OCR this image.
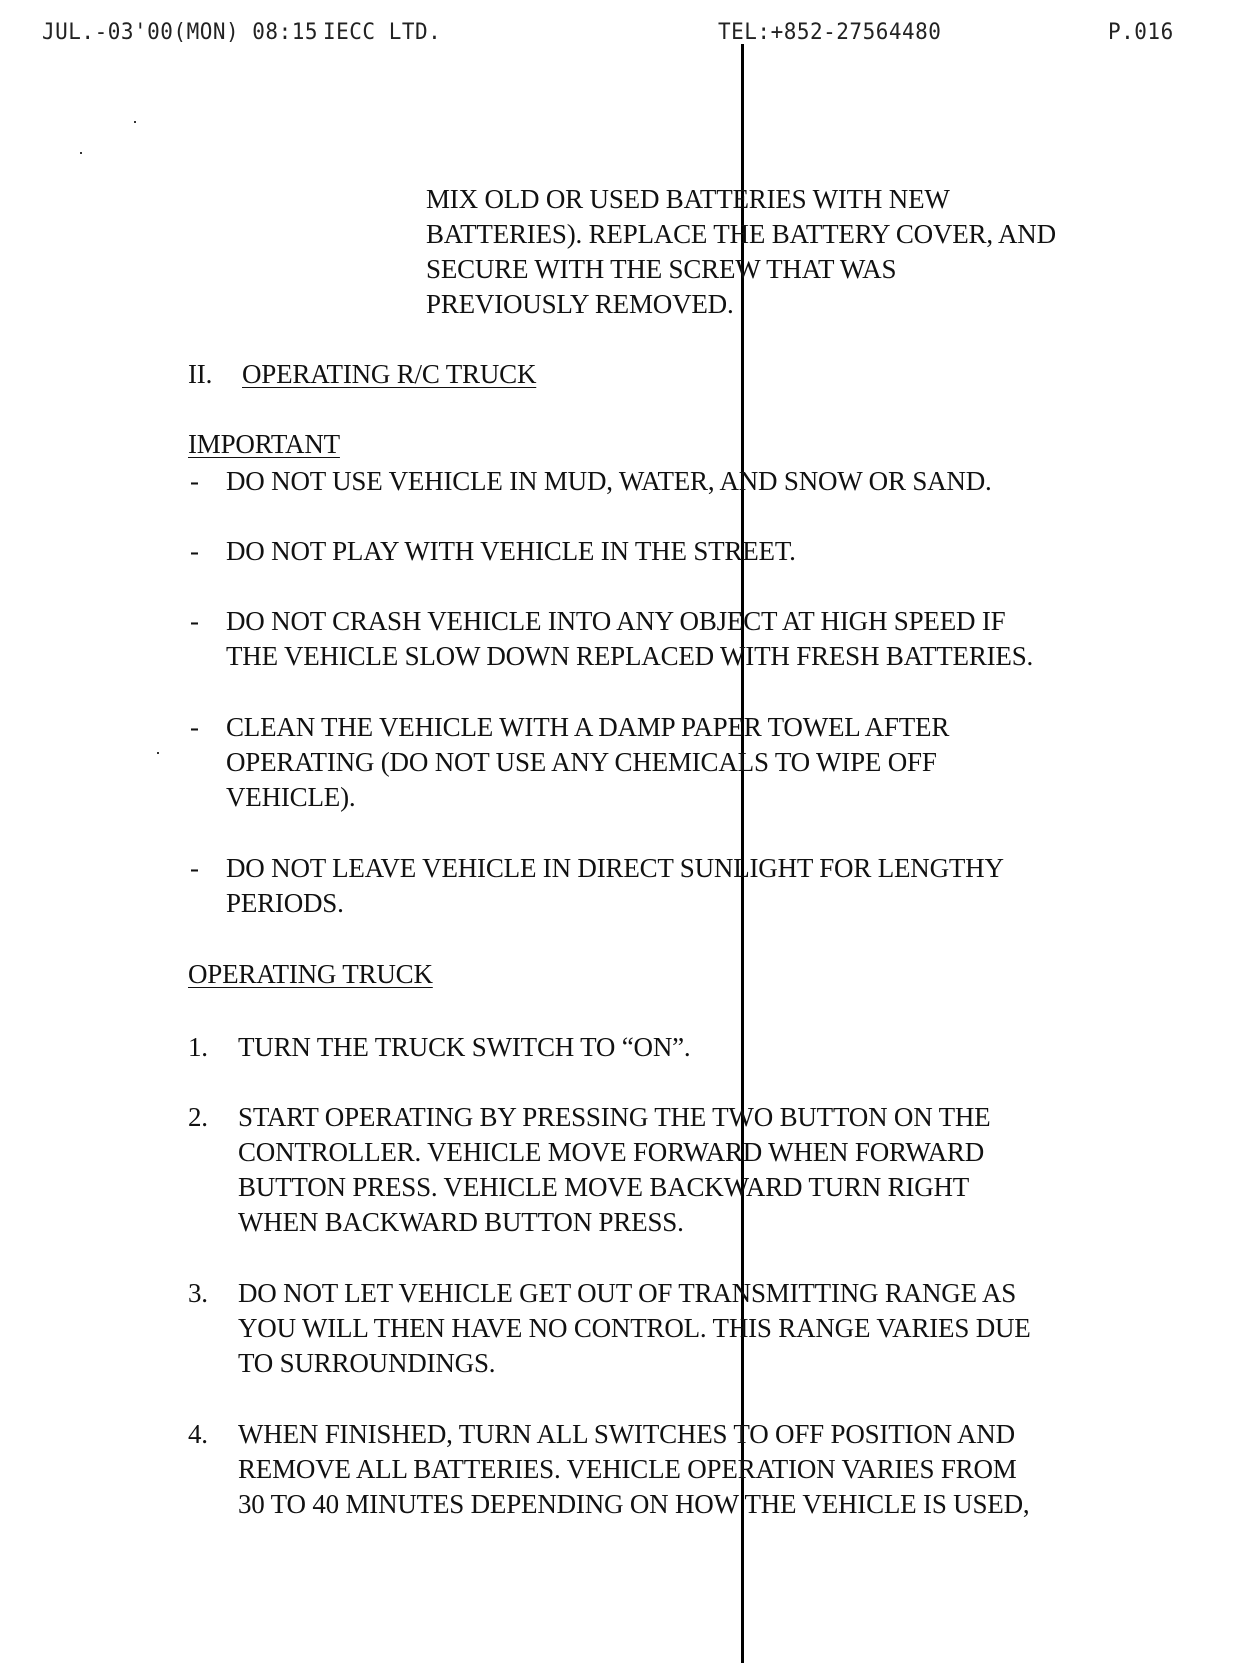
JUL.-03'00(MON) 08:15 IECC LTD.	TEL:+852-27564480	P.016

MIX OLD OR USED BATTERIES WITH NEW

BATTERIES). REPLACE THE BATTERY COVER, AND

SECURE WITH THE SCREW THAT WAS

PREVIOUSLY REMOVED.

II. OPERATING R/C TRUCK
IMPORTANT
- DO NOT USE VEHICLE IN MUD, WATER, AND SNOW OR SAND.

- DO NOT PLAY WITH VEHICLE IN THE STREET.

- DO NOT CRASH VEHICLE INTO ANY OBJECT AT HIGH SPEED IF

THE VEHICLE SLOW DOWN REPLACED WITH FRESH BATTERIES.

- CLEAN THE VEHICLE WITH A DAMP PAPER TOWEL AFTER

OPERATING (DO NOT USE ANY CHEMICALS TO WIPE OFF

VEHICLE).

- DO NOT LEAVE VEHICLE IN DIRECT SUNLIGHT FOR LENGTHY

PERIODS.

OPERATING TRUCK
1. TURN THE TRUCK SWITCH TO “ON”.

2. START OPERATING BY PRESSING THE TWO BUTTON ON THE

CONTROLLER. VEHICLE MOVE FORWARD WHEN FORWARD

BUTTON PRESS. VEHICLE MOVE BACKWARD TURN RIGHT

WHEN BACKWARD BUTTON PRESS.

3. DO NOT LET VEHICLE GET OUT OF TRANSMITTING RANGE AS

YOU WILL THEN HAVE NO CONTROL. THIS RANGE VARIES DUE

TO SURROUNDINGS.

4. WHEN FINISHED, TURN ALL SWITCHES TO OFF POSITION AND

REMOVE ALL BATTERIES. VEHICLE OPERATION VARIES FROM

30 TO 40 MINUTES DEPENDING ON HOW THE VEHICLE IS USED,
